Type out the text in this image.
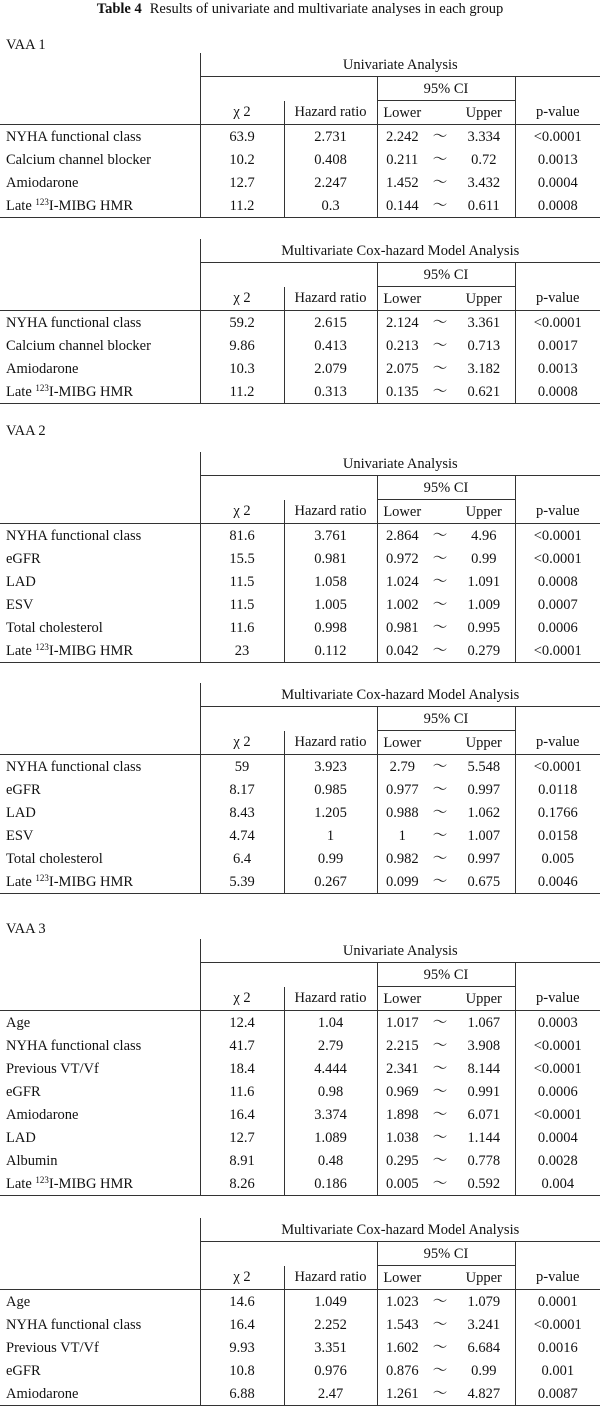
Table 4 Results of univariate and multivariate analyses in each group
VAA 1
	Univariate Analysis					
			95% CI			
	χ 2	Hazard ratio	Lower		Upper	p-value
NYHA functional class	63.9	2.731	2.242	～	3.334	<0.0001
Calcium channel blocker	10.2	0.408	0.211	～	0.72	0.0013
Amiodarone	12.7	2.247	1.452	～	3.432	0.0004
Late $^{123}$I-MIBG HMR	11.2	0.3	0.144	～	0.611	0.0008
	Multivariate Cox-hazard Model Analysis					
			95% CI			
	χ 2	Hazard ratio	Lower		Upper	p-value
NYHA functional class	59.2	2.615	2.124	～	3.361	<0.0001
Calcium channel blocker	9.86	0.413	0.213	～	0.713	0.0017
Amiodarone	10.3	2.079	2.075	～	3.182	0.0013
Late $^{123}$I-MIBG HMR	11.2	0.313	0.135	～	0.621	0.0008
VAA 2
	Univariate Analysis					
			95% CI			
	χ 2	Hazard ratio	Lower		Upper	p-value
NYHA functional class	81.6	3.761	2.864	～	4.96	<0.0001
eGFR	15.5	0.981	0.972	～	0.99	<0.0001
LAD	11.5	1.058	1.024	～	1.091	0.0008
ESV	11.5	1.005	1.002	～	1.009	0.0007
Total cholesterol	11.6	0.998	0.981	～	0.995	0.0006
Late $^{123}$I-MIBG HMR	23	0.112	0.042	～	0.279	<0.0001
	Multivariate Cox-hazard Model Analysis					
			95% CI			
	χ 2	Hazard ratio	Lower		Upper	p-value
NYHA functional class	59	3.923	2.79	～	5.548	<0.0001
eGFR	8.17	0.985	0.977	～	0.997	0.0118
LAD	8.43	1.205	0.988	～	1.062	0.1766
ESV	4.74	1	1	～	1.007	0.0158
Total cholesterol	6.4	0.99	0.982	～	0.997	0.005
Late $^{123}$I-MIBG HMR	5.39	0.267	0.099	～	0.675	0.0046
VAA 3
	Univariate Analysis					
			95% CI			
	χ 2	Hazard ratio	Lower		Upper	p-value
Age	12.4	1.04	1.017	～	1.067	0.0003
NYHA functional class	41.7	2.79	2.215	～	3.908	<0.0001
Previous VT/Vf	18.4	4.444	2.341	～	8.144	<0.0001
eGFR	11.6	0.98	0.969	～	0.991	0.0006
Amiodarone	16.4	3.374	1.898	～	6.071	<0.0001
LAD	12.7	1.089	1.038	～	1.144	0.0004
Albumin	8.91	0.48	0.295	～	0.778	0.0028
Late $^{123}$I-MIBG HMR	8.26	0.186	0.005	～	0.592	0.004
	Multivariate Cox-hazard Model Analysis					
			95% CI			
	χ 2	Hazard ratio	Lower		Upper	p-value
Age	14.6	1.049	1.023	～	1.079	0.0001
NYHA functional class	16.4	2.252	1.543	～	3.241	<0.0001
Previous VT/Vf	9.93	3.351	1.602	～	6.684	0.0016
eGFR	10.8	0.976	0.876	～	0.99	0.001
Amiodarone	6.88	2.47	1.261	～	4.827	0.0087
